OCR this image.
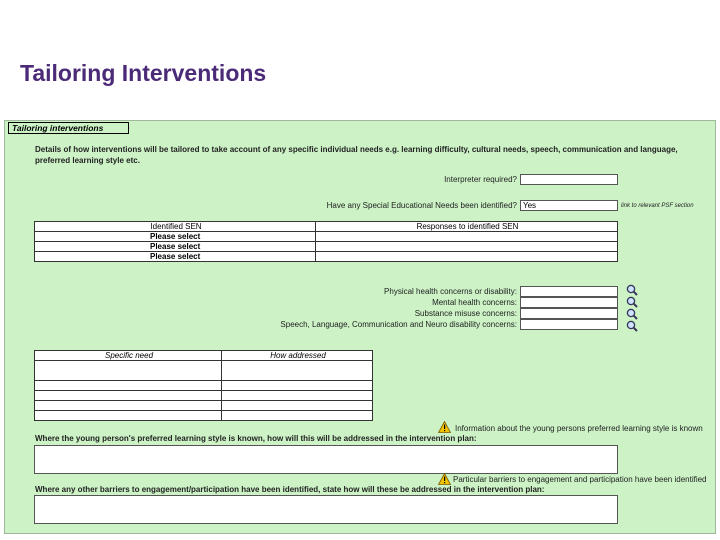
Tailoring Interventions
Tailoring interventions
Details of how interventions will be tailored to take account of any specific individual needs e.g. learning difficulty, cultural needs, speech, communication and language, preferred learning style etc.
Interpreter required?
Have any Special Educational Needs been identified? Yes	link to relevant PSF section
Identified SEN	Responses to identified SEN
Please select	
Please select	
Please select	
Physical health concerns or disability:
Mental health concerns:
Substance misuse concerns:
Speech, Language, Communication and Neuro disability concerns:
Specific need	How addressed

Information about the young persons preferred learning style is known
Where the young person's preferred learning style is known, how will this will be addressed in the intervention plan:
Particular barriers to engagement and participation have been identified
Where any other barriers to engagement/participation have been identified, state how will these be addressed in the intervention plan:
